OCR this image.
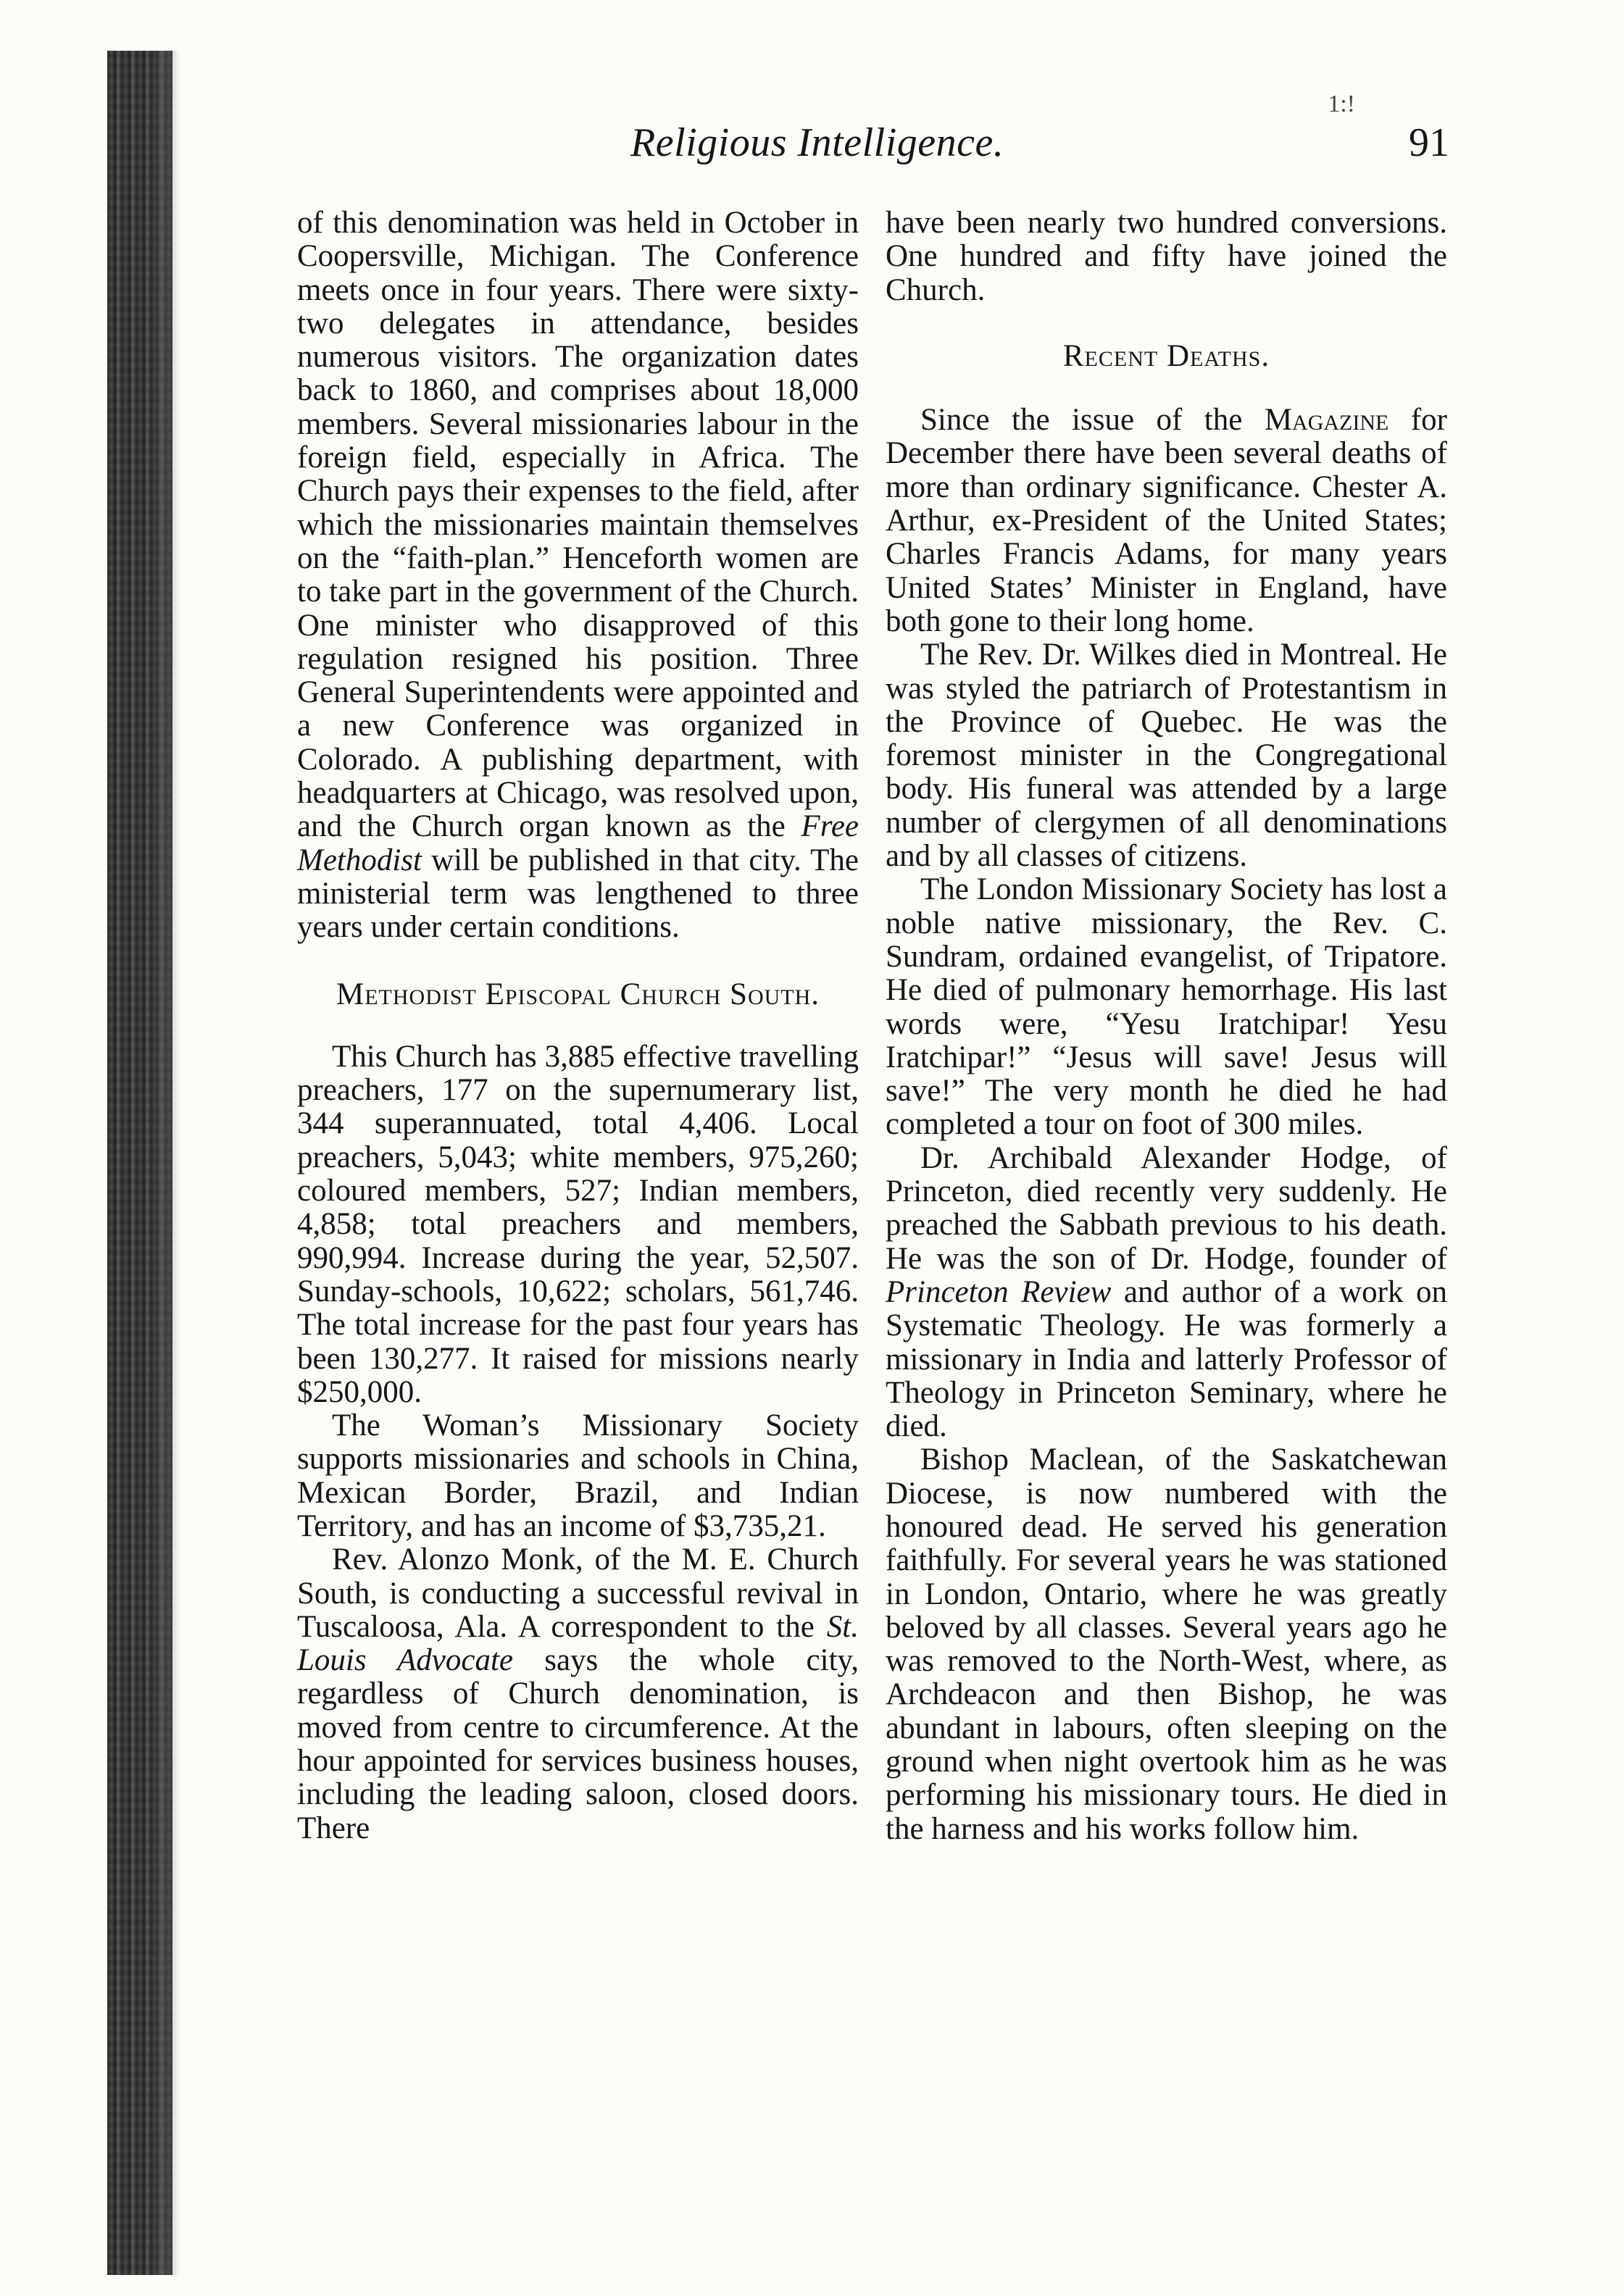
1:!
Religious Intelligence.	91

of this denomination was held in October in Coopersville, Michigan. The Conference meets once in four years. There were sixty-two delegates in attendance, besides numerous visitors. The organization dates back to 1860, and comprises about 18,000 members. Several missionaries labour in the foreign field, especially in Africa. The Church pays their expenses to the field, after which the missionaries maintain themselves on the “faith-plan.” Henceforth women are to take part in the government of the Church. One minister who disapproved of this regulation resigned his position. Three General Superintendents were appointed and a new Conference was organized in Colorado. A publishing department, with headquarters at Chicago, was resolved upon, and the Church organ known as the Free Methodist will be published in that city. The ministerial term was lengthened to three years under certain conditions.

Methodist Episcopal Church South.

This Church has 3,885 effective travelling preachers, 177 on the supernumerary list, 344 superannuated, total 4,406. Local preachers, 5,043; white members, 975,260; coloured members, 527; Indian members, 4,858; total preachers and members, 990,994. Increase during the year, 52,507. Sunday-schools, 10,622; scholars, 561,746. The total increase for the past four years has been 130,277. It raised for missions nearly $250,000.

The Woman’s Missionary Society supports missionaries and schools in China, Mexican Border, Brazil, and Indian Territory, and has an income of $3,735,21.

Rev. Alonzo Monk, of the M. E. Church South, is conducting a successful revival in Tuscaloosa, Ala. A correspondent to the St. Louis Advocate says the whole city, regardless of Church denomination, is moved from centre to circumference. At the hour appointed for services business houses, including the leading saloon, closed doors. There

have been nearly two hundred conversions. One hundred and fifty have joined the Church.

Recent Deaths.

Since the issue of the Magazine for December there have been several deaths of more than ordinary significance. Chester A. Arthur, ex-President of the United States; Charles Francis Adams, for many years United States’ Minister in England, have both gone to their long home.

The Rev. Dr. Wilkes died in Montreal. He was styled the patriarch of Protestantism in the Province of Quebec. He was the foremost minister in the Congregational body. His funeral was attended by a large number of clergymen of all denominations and by all classes of citizens.

The London Missionary Society has lost a noble native missionary, the Rev. C. Sundram, ordained evangelist, of Tripatore. He died of pulmonary hemorrhage. His last words were, “Yesu Iratchipar! Yesu Iratchipar!” “Jesus will save! Jesus will save!” The very month he died he had completed a tour on foot of 300 miles.

Dr. Archibald Alexander Hodge, of Princeton, died recently very suddenly. He preached the Sabbath previous to his death. He was the son of Dr. Hodge, founder of Princeton Review and author of a work on Systematic Theology. He was formerly a missionary in India and latterly Professor of Theology in Princeton Seminary, where he died.

Bishop Maclean, of the Saskatchewan Diocese, is now numbered with the honoured dead. He served his generation faithfully. For several years he was stationed in London, Ontario, where he was greatly beloved by all classes. Several years ago he was removed to the North-West, where, as Archdeacon and then Bishop, he was abundant in labours, often sleeping on the ground when night overtook him as he was performing his missionary tours. He died in the harness and his works follow him.
